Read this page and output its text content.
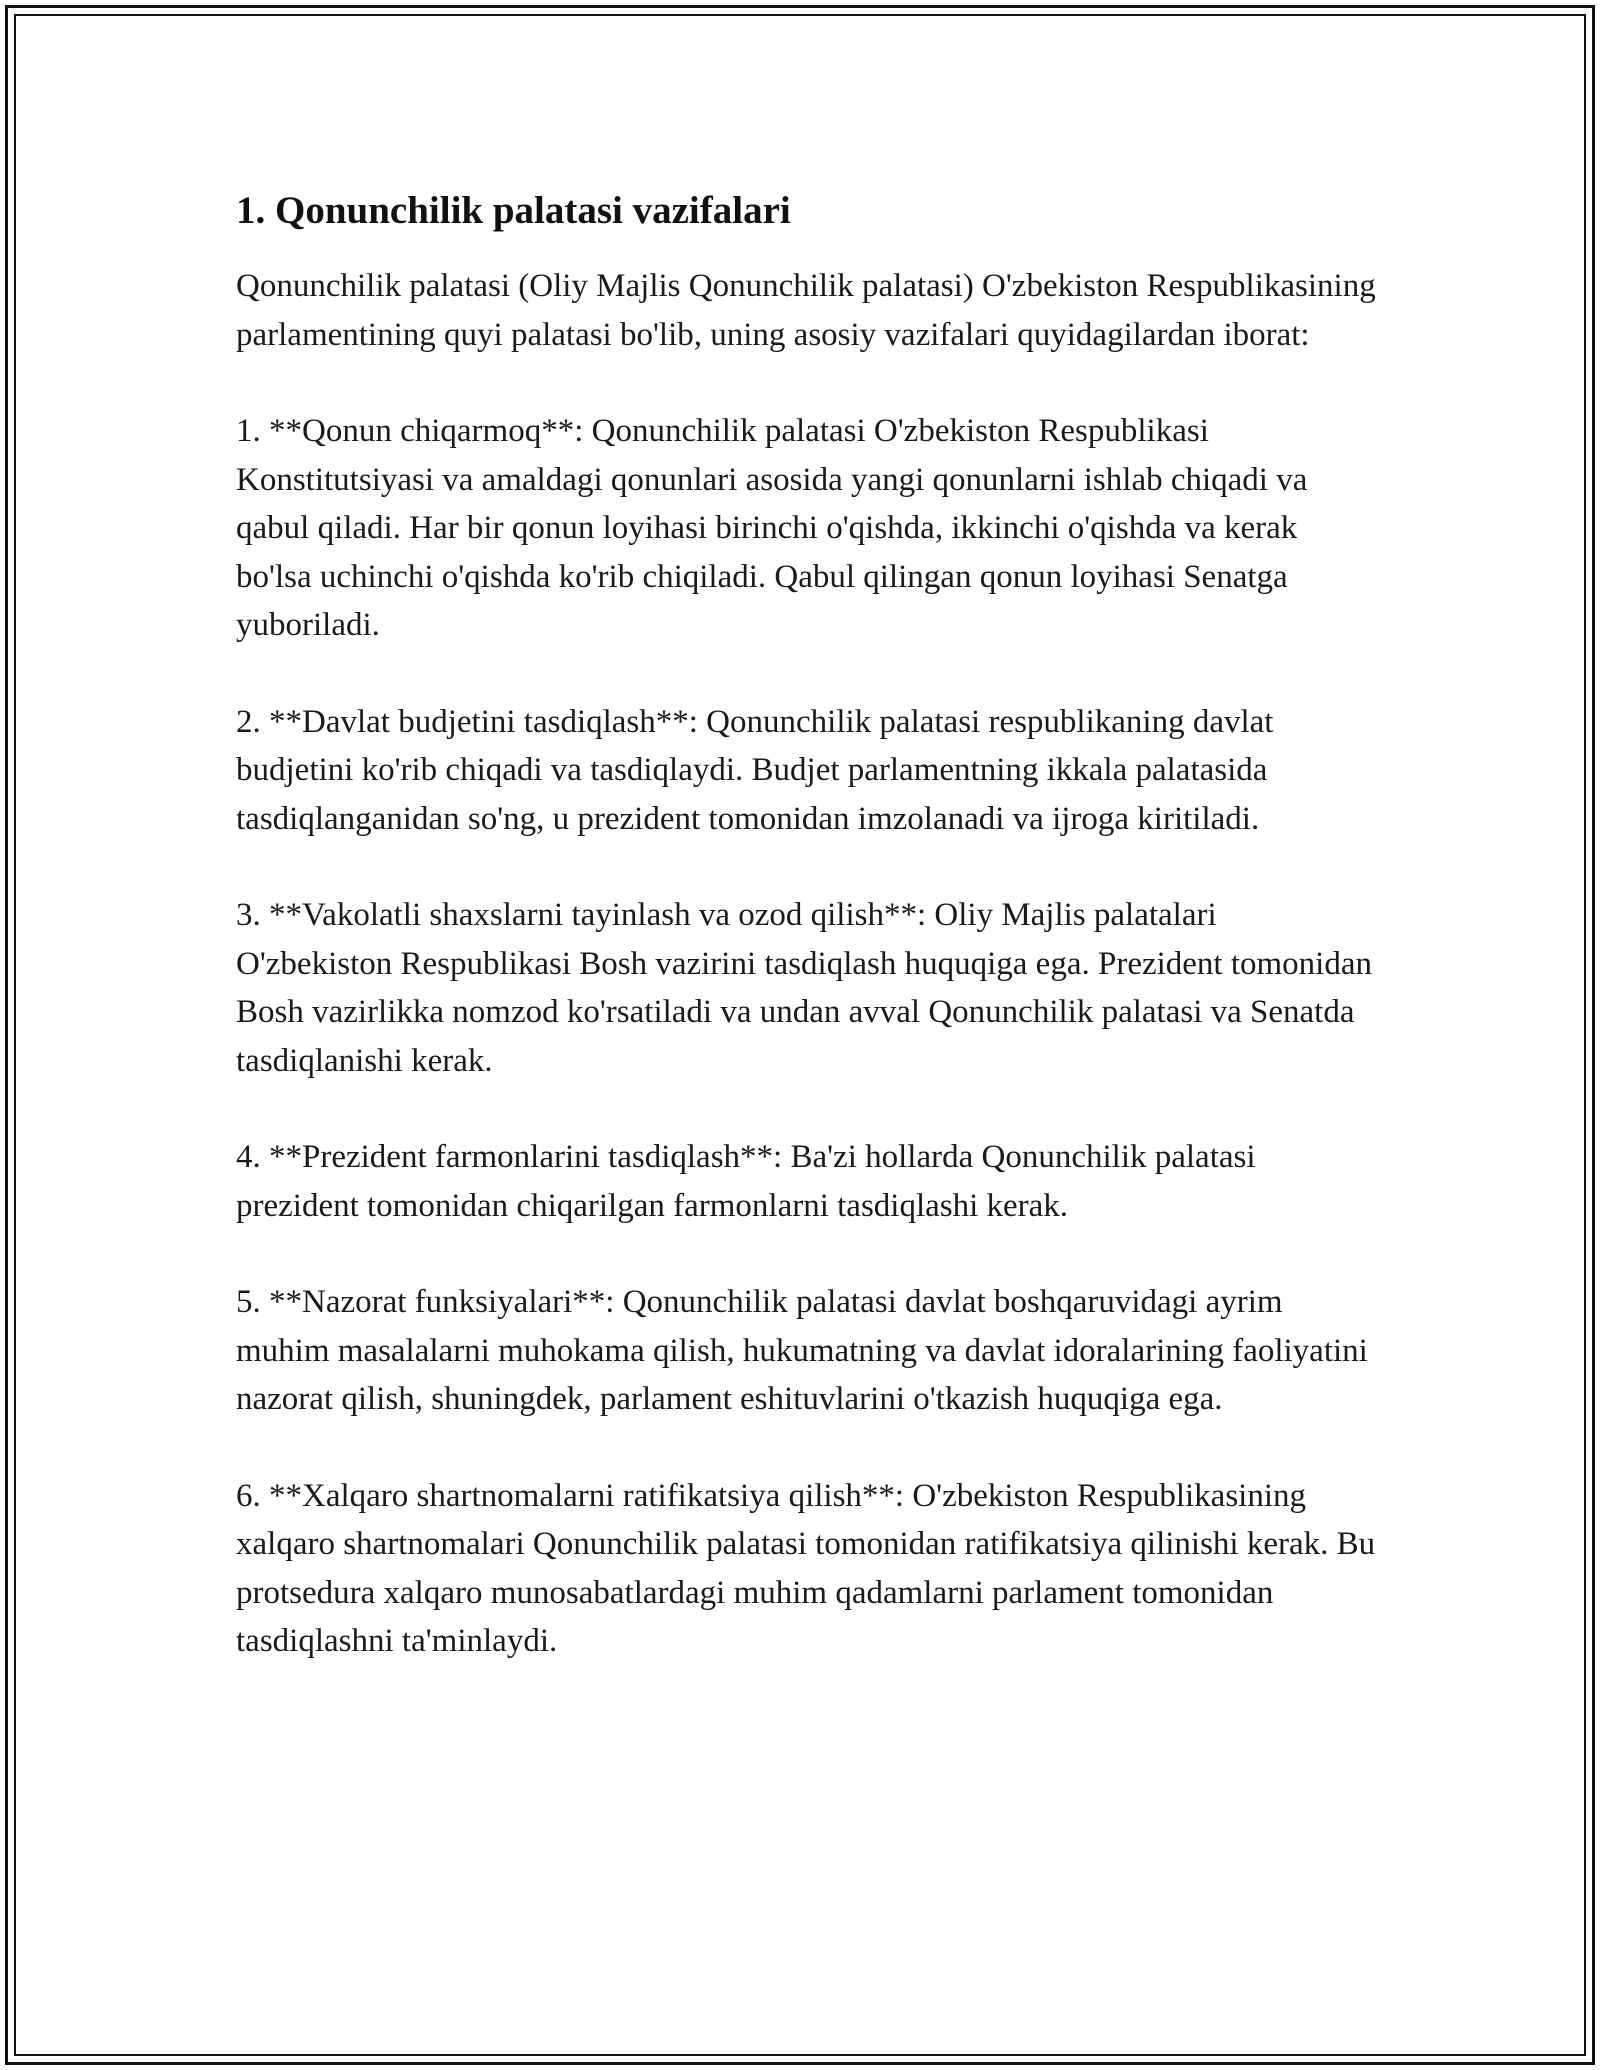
1. Qonunchilik palatasi vazifalari

Qonunchilik palatasi (Oliy Majlis Qonunchilik palatasi) O'zbekiston Respublikasining parlamentining quyi palatasi bo'lib, uning asosiy vazifalari quyidagilardan iborat:

1. **Qonun chiqarmoq**: Qonunchilik palatasi O'zbekiston Respublikasi Konstitutsiyasi va amaldagi qonunlari asosida yangi qonunlarni ishlab chiqadi va qabul qiladi. Har bir qonun loyihasi birinchi o'qishda, ikkinchi o'qishda va kerak bo'lsa uchinchi o'qishda ko'rib chiqiladi. Qabul qilingan qonun loyihasi Senatga yuboriladi.

2. **Davlat budjetini tasdiqlash**: Qonunchilik palatasi respublikaning davlat budjetini ko'rib chiqadi va tasdiqlaydi. Budjet parlamentning ikkala palatasida tasdiqlanganidan so'ng, u prezident tomonidan imzolanadi va ijroga kiritiladi.

3. **Vakolatli shaxslarni tayinlash va ozod qilish**: Oliy Majlis palatalari O'zbekiston Respublikasi Bosh vazirini tasdiqlash huquqiga ega. Prezident tomonidan Bosh vazirlikka nomzod ko'rsatiladi va undan avval Qonunchilik palatasi va Senatda tasdiqlanishi kerak.

4. **Prezident farmonlarini tasdiqlash**: Ba'zi hollarda Qonunchilik palatasi prezident tomonidan chiqarilgan farmonlarni tasdiqlashi kerak.

5. **Nazorat funksiyalari**: Qonunchilik palatasi davlat boshqaruvidagi ayrim muhim masalalarni muhokama qilish, hukumatning va davlat idoralarining faoliyatini nazorat qilish, shuningdek, parlament eshituvlarini o'tkazish huquqiga ega.

6. **Xalqaro shartnomalarni ratifikatsiya qilish**: O'zbekiston Respublikasining xalqaro shartnomalari Qonunchilik palatasi tomonidan ratifikatsiya qilinishi kerak. Bu protsedura xalqaro munosabatlardagi muhim qadamlarni parlament tomonidan tasdiqlashni ta'minlaydi.
